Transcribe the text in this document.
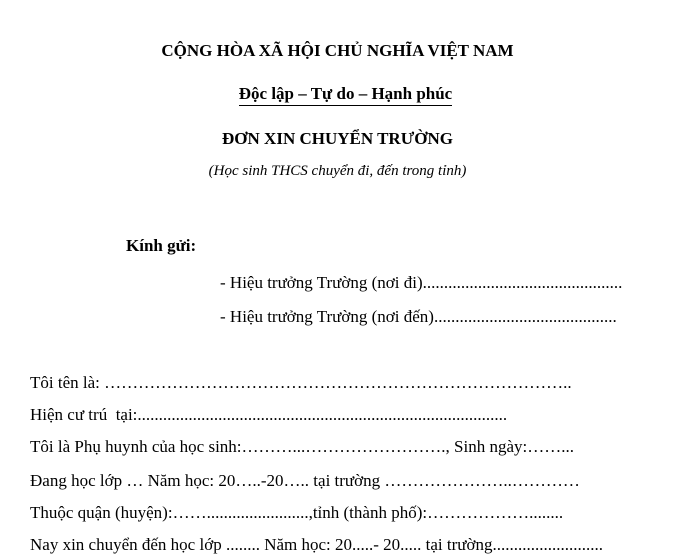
CỘNG HÒA XÃ HỘI CHỦ NGHĨA VIỆT NAM

Độc lập – Tự do – Hạnh phúc

ĐƠN XIN CHUYỂN TRƯỜNG
(Học sinh THCS chuyển đi, đến trong tỉnh)
Kính gửi:
- Hiệu trưởng Trường (nơi đi)...............................................
- Hiệu trưởng Trường (nơi đến)...........................................
Tôi tên là: ………………………………………………………………………..
Hiện cư trú  tại:.......................................................................................
Tôi là Phụ huynh của học sinh:………...……………………., Sinh ngày:……...
Đang học lớp … Năm học: 20…..-20….. tại trường …………………..…………
Thuộc quận (huyện):……........................,tỉnh (thành phố):………………........
Nay xin chuyển đến học lớp ........ Năm học: 20.....- 20..... tại trường..........................
